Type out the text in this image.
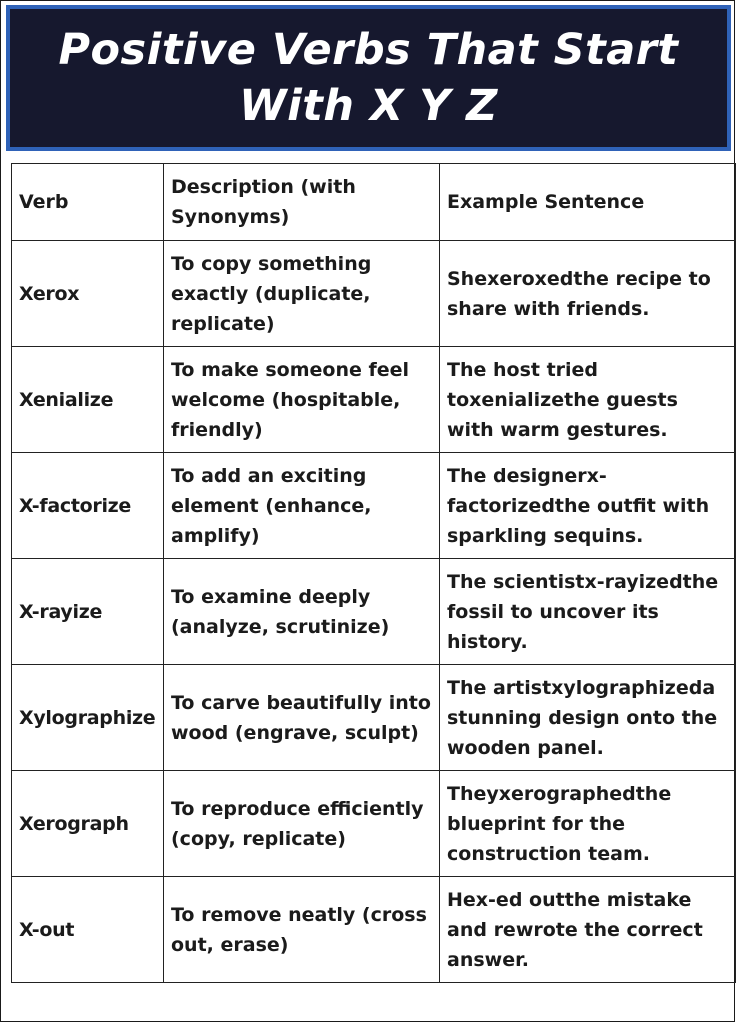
Positive Verbs That Start With X Y Z
Verb	Description (with Synonyms)	Example Sentence
Xerox	To copy something exactly (duplicate, replicate)	Shexeroxedthe recipe to share with friends.
Xenialize	To make someone feel welcome (hospitable, friendly)	The host tried toxenializethe guests with warm gestures.
X-factorize	To add an exciting element (enhance, amplify)	The designerx-factorizedthe outfit with sparkling sequins.
X-rayize	To examine deeply (analyze, scrutinize)	The scientistx-rayizedthe fossil to uncover its history.
Xylographize	To carve beautifully into wood (engrave, sculpt)	The artistxylographizeda stunning design onto the wooden panel.
Xerograph	To reproduce efficiently (copy, replicate)	Theyxerographedthe blueprint for the construction team.
X-out	To remove neatly (cross out, erase)	Hex-ed outthe mistake and rewrote the correct answer.
